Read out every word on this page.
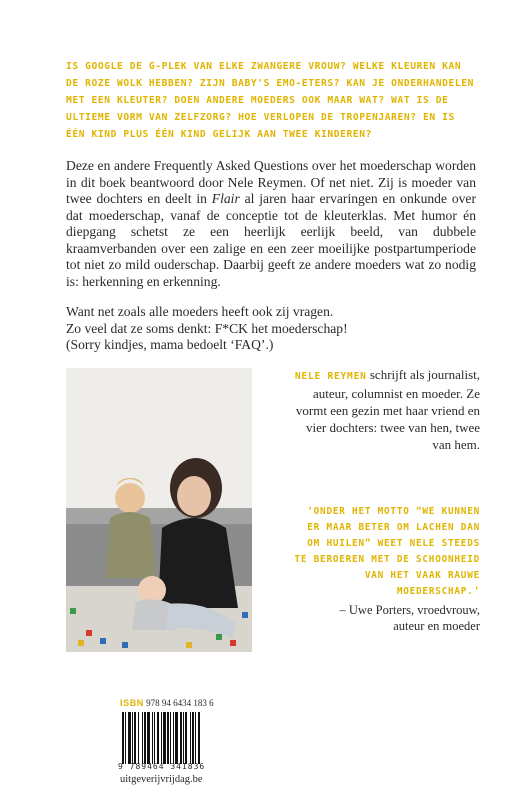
IS GOOGLE DE G-PLEK VAN ELKE ZWANGERE VROUW? WELKE KLEUREN KAN DE ROZE WOLK HEBBEN? ZIJN BABY'S EMO-ETERS? KAN JE ONDERHANDELEN MET EEN KLEUTER? DOEN ANDERE MOEDERS OOK MAAR WAT? WAT IS DE ULTIEME VORM VAN ZELFZORG? HOE VERLOPEN DE TROPENJAREN? EN IS ÉÉN KIND PLUS ÉÉN KIND GELIJK AAN TWEE KINDEREN?
Deze en andere Frequently Asked Questions over het moederschap worden in dit boek beantwoord door Nele Reymen. Of net niet. Zij is moeder van twee dochters en deelt in Flair al jaren haar ervaringen en onkunde over dat moederschap, vanaf de conceptie tot de kleuterklas. Met humor én diepgang schetst ze een heerlijk eerlijk beeld, van dubbele kraamverbanden over een zalige en een zeer moeilijke postpartumperiode tot niet zo mild ouderschap. Daarbij geeft ze andere moeders wat zo nodig is: herkenning en erkenning.
Want net zoals alle moeders heeft ook zij vragen.
Zo veel dat ze soms denkt: F*CK het moederschap!
(Sorry kindjes, mama bedoelt ‘FAQ’.)
NELE REYMEN schrijft als journalist, auteur, columnist en moeder. Ze vormt een gezin met haar vriend en vier dochters: twee van hen, twee van hem.
‘ONDER HET MOTTO “WE KUNNEN ER MAAR BETER OM LACHEN DAN OM HUILEN” WEET NELE STEEDS TE BEROEREN MET DE SCHOONHEID VAN HET VAAK RAUWE MOEDERSCHAP.’
– Uwe Porters, vroedvrouw,
auteur en moeder
ISBN 978 94 6434 183 6
9 789464 341836
uitgeverijvrijdag.be
